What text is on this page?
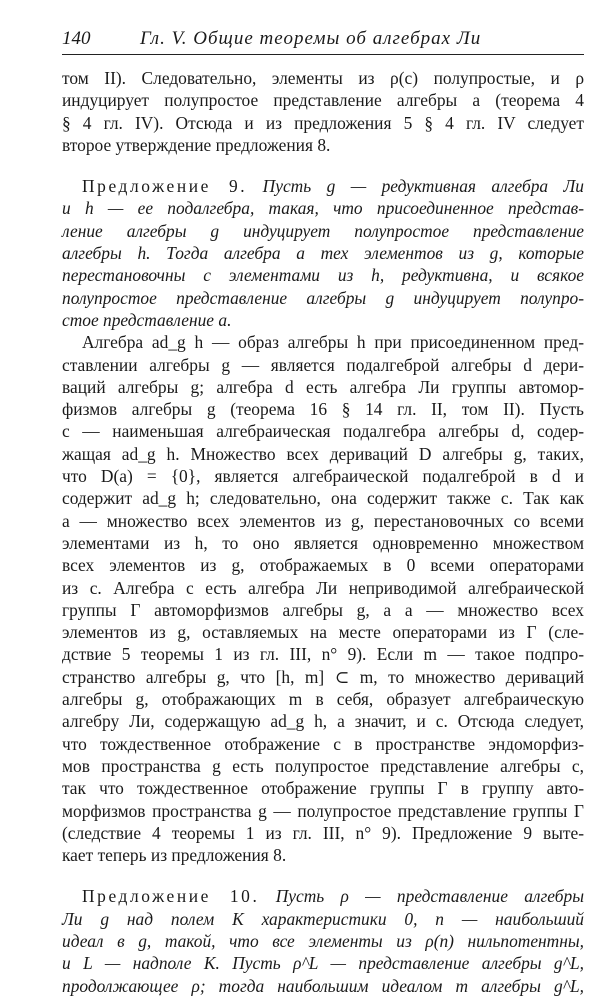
140	Гл. V. Общие теоремы об алгебрах Ли
том II). Следовательно, элементы из ρ(c) полупростые, и ρ
индуцирует полупростое представление алгебры a (теорема 4
§ 4 гл. IV). Отсюда и из предложения 5 § 4 гл. IV следует
второе утверждение предложения 8.
Предложение 9. Пусть g — редуктивная алгебра Ли
и h — ее подалгебра, такая, что присоединенное представ-
ление алгебры g индуцирует полупростое представление
алгебры h. Тогда алгебра a тех элементов из g, которые
перестановочны с элементами из h, редуктивна, и всякое
полупростое представление алгебры g индуцирует полупро-
стое представление a.
Алгебра ad_g h — образ алгебры h при присоединенном пред-
ставлении алгебры g — является подалгеброй алгебры d дери-
ваций алгебры g; алгебра d есть алгебра Ли группы автомор-
физмов алгебры g (теорема 16 § 14 гл. II, том II). Пусть
c — наименьшая алгебраическая подалгебра алгебры d, содер-
жащая ad_g h. Множество всех дериваций D алгебры g, таких,
что D(a) = {0}, является алгебраической подалгеброй в d и
содержит ad_g h; следовательно, она содержит также c. Так как
a — множество всех элементов из g, перестановочных со всеми
элементами из h, то оно является одновременно множеством
всех элементов из g, отображаемых в 0 всеми операторами
из c. Алгебра c есть алгебра Ли неприводимой алгебраической
группы Γ автоморфизмов алгебры g, а a — множество всех
элементов из g, оставляемых на месте операторами из Γ (сле-
дствие 5 теоремы 1 из гл. III, n° 9). Если m — такое подпро-
странство алгебры g, что [h, m] ⊂ m, то множество дериваций
алгебры g, отображающих m в себя, образует алгебраическую
алгебру Ли, содержащую ad_g h, а значит, и c. Отсюда следует,
что тождественное отображение c в пространстве эндоморфиз-
мов пространства g есть полупростое представление алгебры c,
так что тождественное отображение группы Γ в группу авто-
морфизмов пространства g — полупростое представление группы Γ
(следствие 4 теоремы 1 из гл. III, n° 9). Предложение 9 выте-
кает теперь из предложения 8.
Предложение 10. Пусть ρ — представление алгебры
Ли g над полем K характеристики 0, n — наибольший
идеал в g, такой, что все элементы из ρ(n) нильпотентны,
и L — надполе K. Пусть ρ^L — представление алгебры g^L,
продолжающее ρ; тогда наибольшим идеалом m алгебры g^L,
